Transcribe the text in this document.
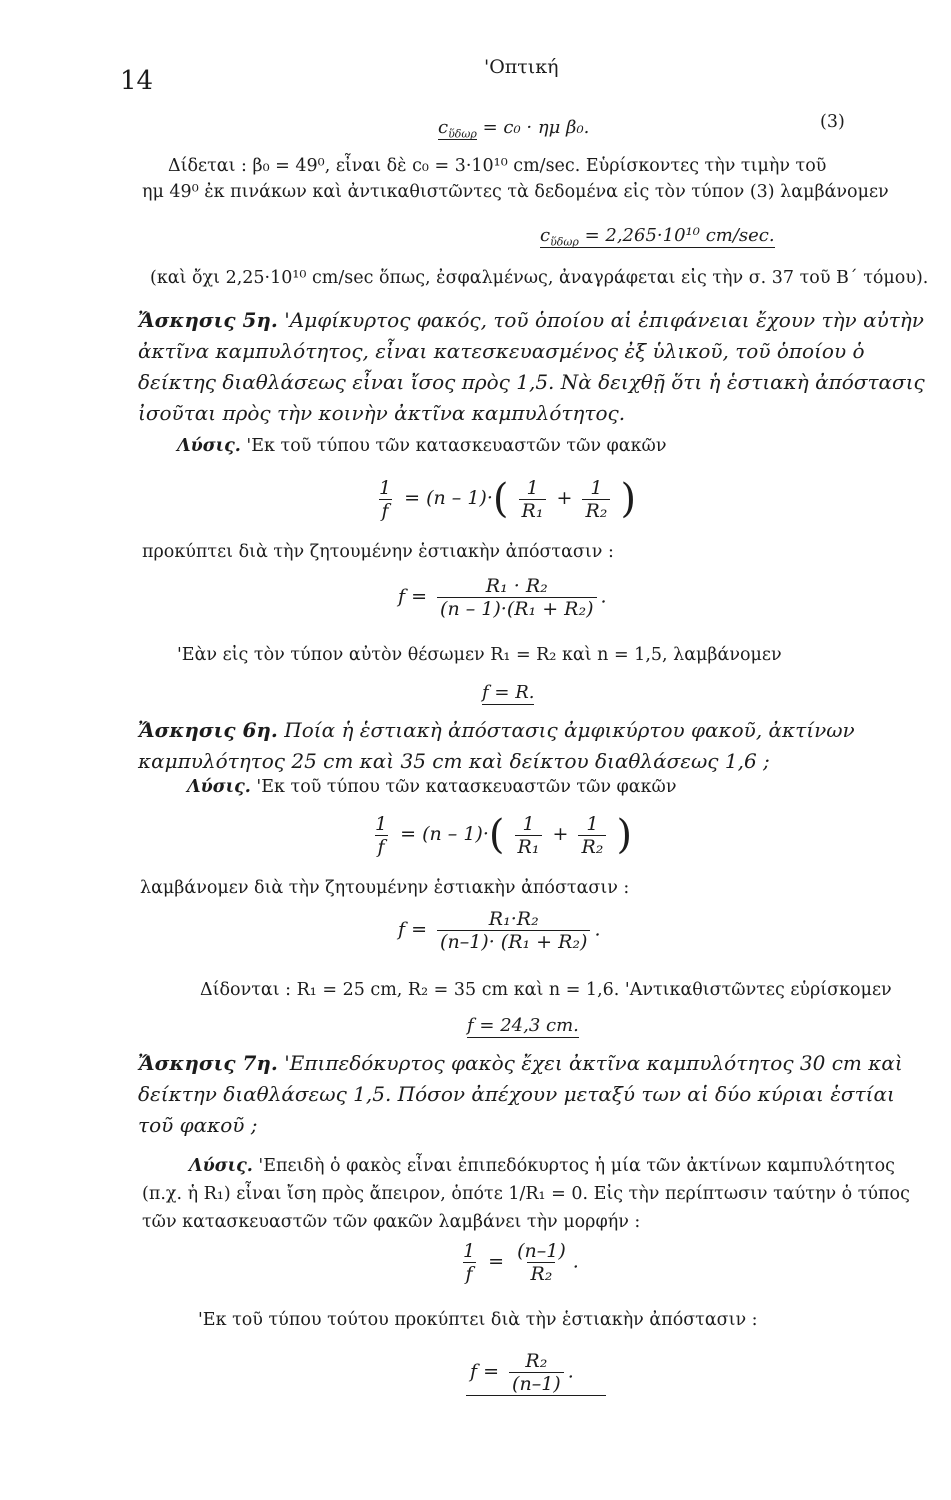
14	'Οπτική
$c_{ὕ\delta\omega\rho} = c_0 \cdot \eta\mu$ β₀.	(3)
Δίδεται : β₀ = 49⁰, εἶναι δὲ c₀ = 3·10¹⁰ cm/sec. Εὑρίσκοντες τὴν τιμὴν τοῦ
ημ 49⁰ ἐκ πινάκων καὶ ἀντικαθιστῶντες τὰ δεδομένα εἰς τὸν τύπον (3) λαμβάνομεν
$c_{ὕ\delta\omega\rho} = 2,265\cdot 10^{10}$ cm/sec.
(καὶ ὄχι 2,25·10¹⁰ cm/sec ὅπως, ἐσφαλμένως, ἀναγράφεται εἰς τὴν σ. 37 τοῦ Β΄ τόμου).
Ἄσκησις 5η. 'Αμφίκυρτος φακός, τοῦ ὁποίου αἱ ἐπιφάνειαι ἔχουν τὴν αὐτὴν ἀκτῖνα καμπυλότητος, εἶναι κατεσκευασμένος ἐξ ὑλικοῦ, τοῦ ὁποίου ὁ δείκτης διαθλάσεως εἶναι ἴσος πρὸς 1,5. Νὰ δειχθῇ ὅτι ἡ ἑστιακὴ ἀπόστασις ἰσοῦται πρὸς τὴν κοινὴν ἀκτῖνα καμπυλότητος.
Λύσις. 'Εκ τοῦ τύπου τῶν κατασκευαστῶν τῶν φακῶν
$\frac{1}{f} = (n - 1)\cdot( \frac{1}{\text{R₁}} + \frac{1}{\text{R₂}}$ )
προκύπτει διὰ τὴν ζητουμένην ἑστιακὴν ἀπόστασιν :
$f = \frac{\text{R₁ · R₂}}{\text{(n – 1)·(R₁ + R₂)}}$ .
'Εὰν εἰς τὸν τύπον αὐτὸν θέσωμεν R₁ = R₂ καὶ n = 1,5, λαμβάνομεν
f = R.
Ἄσκησις 6η. Ποία ἡ ἑστιακὴ ἀπόστασις ἀμφικύρτου φακοῦ, ἀκτίνων καμπυλότητος 25 cm καὶ 35 cm καὶ δείκτου διαθλάσεως 1,6 ;
Λύσις. 'Εκ τοῦ τύπου τῶν κατασκευαστῶν τῶν φακῶν
$\frac{1}{f} = (n - 1)\cdot( \frac{1}{\text{R₁}} + \frac{1}{\text{R₂}}$ )
λαμβάνομεν διὰ τὴν ζητουμένην ἑστιακὴν ἀπόστασιν :
$f = \frac{\text{R₁·R₂}}{\text{(n–1)· (R₁ + R₂)}}$ .
Δίδονται : R₁ = 25 cm, R₂ = 35 cm καὶ n = 1,6. 'Αντικαθιστῶντες εὑρίσκομεν
f = 24,3 cm.
Ἄσκησις 7η. 'Επιπεδόκυρτος φακὸς ἔχει ἀκτῖνα καμπυλότητος 30 cm καὶ δείκτην διαθλάσεως 1,5. Πόσον ἀπέχουν μεταξύ των αἱ δύο κύριαι ἑστίαι τοῦ φακοῦ ;
Λύσις. 'Επειδὴ ὁ φακὸς εἶναι ἐπιπεδόκυρτος ἡ μία τῶν ἀκτίνων καμπυλότητος (π.χ. ἡ R₁) εἶναι ἴση πρὸς ἄπειρον, ὁπότε 1/R₁ = 0. Εἰς τὴν περίπτωσιν ταύτην ὁ τύπος τῶν κατασκευαστῶν τῶν φακῶν λαμβάνει τὴν μορφήν :
$\frac{1}{f} = \frac{(n-1)}{\text{R₂}}$ .
'Εκ τοῦ τύπου τούτου προκύπτει διὰ τὴν ἑστιακὴν ἀπόστασιν :
$f = \frac{\text{R₂}}{(n-1)}$ .
